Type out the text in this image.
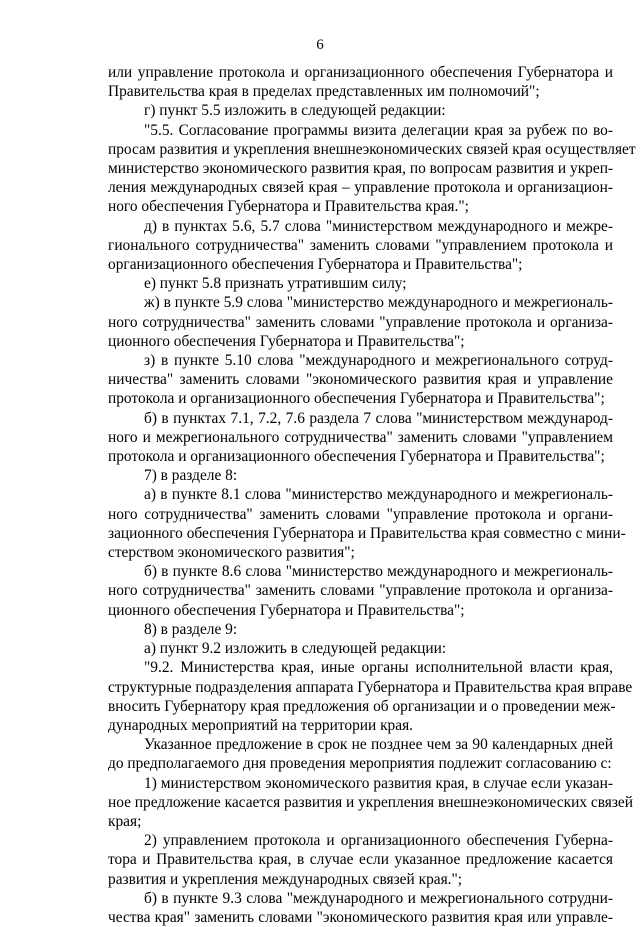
6
или управление протокола и организационного обеспечения Губернатора и
Правительства края в пределах представленных им полномочий";
г) пункт 5.5 изложить в следующей редакции:
"5.5. Согласование программы визита делегации края за рубеж по во-
просам развития и укрепления внешнеэкономических связей края осуществляет
министерство экономического развития края, по вопросам развития и укреп-
ления международных связей края – управление протокола и организацион-
ного обеспечения Губернатора и Правительства края.";
д) в пунктах 5.6, 5.7 слова "министерством международного и межре-
гионального сотрудничества" заменить словами "управлением протокола и
организационного обеспечения Губернатора и Правительства";
е) пункт 5.8 признать утратившим силу;
ж) в пункте 5.9 слова "министерство международного и межрегиональ-
ного сотрудничества" заменить словами "управление протокола и организа-
ционного обеспечения Губернатора и Правительства";
з) в пункте 5.10 слова "международного и межрегионального сотруд-
ничества" заменить словами "экономического развития края и управление
протокола и организационного обеспечения Губернатора и Правительства";
б) в пунктах 7.1, 7.2, 7.6 раздела 7 слова "министерством международ-
ного и межрегионального сотрудничества" заменить словами "управлением
протокола и организационного обеспечения Губернатора и Правительства";
7) в разделе 8:
а) в пункте 8.1 слова "министерство международного и межрегиональ-
ного сотрудничества" заменить словами "управление протокола и органи-
зационного обеспечения Губернатора и Правительства края совместно с мини-
стерством экономического развития";
б) в пункте 8.6 слова "министерство международного и межрегиональ-
ного сотрудничества" заменить словами "управление протокола и организа-
ционного обеспечения Губернатора и Правительства";
8) в разделе 9:
а) пункт 9.2 изложить в следующей редакции:
"9.2. Министерства края, иные органы исполнительной власти края,
структурные подразделения аппарата Губернатора и Правительства края вправе
вносить Губернатору края предложения об организации и о проведении меж-
дународных мероприятий на территории края.
Указанное предложение в срок не позднее чем за 90 календарных дней
до предполагаемого дня проведения мероприятия подлежит согласованию с:
1) министерством экономического развития края, в случае если указан-
ное предложение касается развития и укрепления внешнеэкономических связей
края;
2) управлением протокола и организационного обеспечения Губерна-
тора и Правительства края, в случае если указанное предложение касается
развития и укрепления международных связей края.";
б) в пункте 9.3 слова "международного и межрегионального сотрудни-
чества края" заменить словами "экономического развития края или управле-
